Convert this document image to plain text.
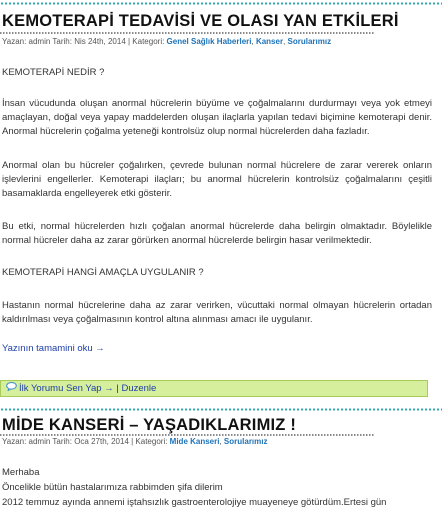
KEMOTERAPİ TEDAVİSİ VE OLASI YAN ETKİLERİ
Yazan: admin Tarih: Nis 24th, 2014 | Kategori: Genel Sağlık Haberleri, Kanser, Sorularımız

KEMOTERAPİ NEDİR ?

İnsan vücudunda oluşan anormal hücrelerin büyüme ve çoğalmalarını durdurmayı veya yok etmeyi amaçlayan, doğal veya yapay maddelerden oluşan ilaçlarla yapılan tedavi biçimine kemoterapi denir. Anormal hücrelerin çoğalma yeteneği kontrolsüz olup normal hücrelerden daha fazladır.

Anormal olan bu hücreler çoğalırken, çevrede bulunan normal hücrelere de zarar vererek onların işlevlerini engellerler. Kemoterapi ilaçları; bu anormal hücrelerin kontrolsüz çoğalmalarını çeşitli basamaklarda engelleyerek etki gösterir.

Bu etki, normal hücrelerden hızlı çoğalan anormal hücrelerde daha belirgin olmaktadır. Böylelikle normal hücreler daha az zarar görürken anormal hücrelerde belirgin hasar verilmektedir.

KEMOTERAPİ HANGİ AMAÇLA UYGULANIR ?

Hastanın normal hücrelerine daha az zarar verirken, vücuttaki normal olmayan hücrelerin ortadan kaldırılması veya çoğalmasının kontrol altına alınması amacı ile uygulanır.

Yazının tamamini oku →
İlk Yorumu Sen Yap → | Duzenle
MİDE KANSERİ – YAŞADIKLARIMIZ !
Yazan: admin Tarih: Oca 27th, 2014 | Kategori: Mide Kanseri, Sorularımız

Merhaba

Öncelikle bütün hastalarımıza rabbimden şifa dilerim

2012 temmuz ayında annemi iştahsızlık gastroenterolojiye muayeneye götürdüm.Ertesi gün
